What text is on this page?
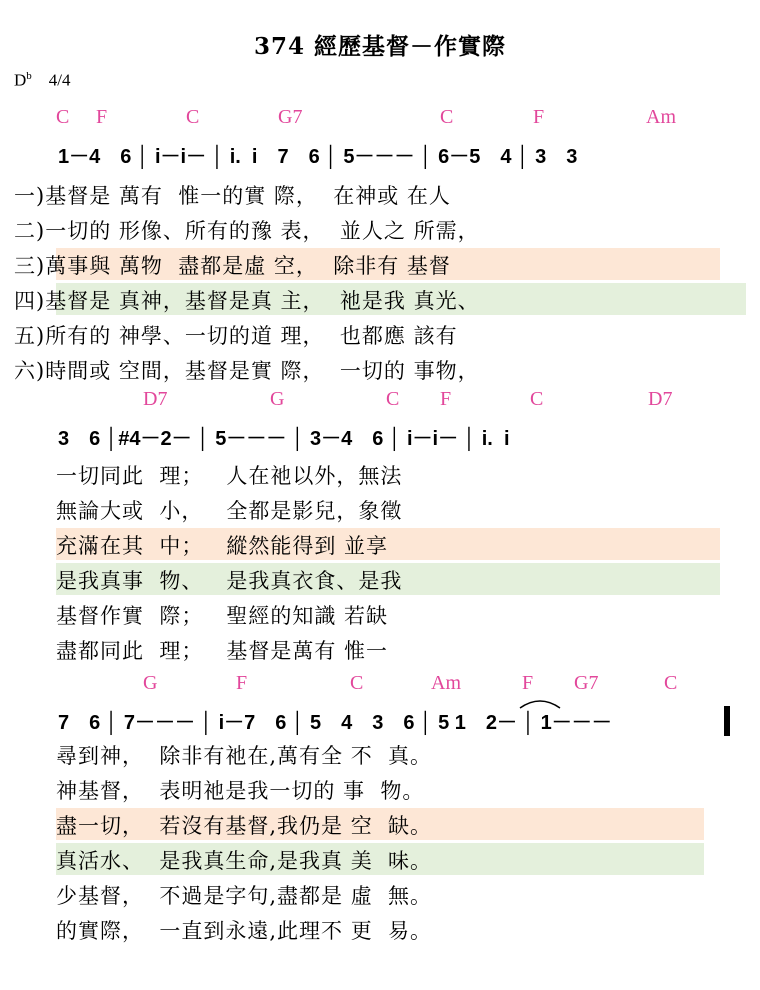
374 經歷基督－作實際
$D^b$ 4/4
C F	C	G7	C	F	Am
1－4　6 │ i－i－ │ i.  i　7　6 │ 5－－－ │ 6－5　4 │ 3　3
一)基督是 萬有  惟一的實 際，  在神或 在人
二)一切的 形像、所有的豫 表，  並人之 所需，
三)萬事與 萬物  盡都是虛 空，  除非有 基督
四)基督是 真神，基督是真 主，  祂是我 真光、
五)所有的 神學、一切的道 理，  也都應 該有
六)時間或 空間，基督是實 際，  一切的 事物，
D7	G	C F	C	D7
3　6 │#4－2－ │ 5－－－ │ 3－4　6 │ i－i－ │ i.  i
一切同此  理；   人在祂以外，無法
無論大或  小，   全都是影兒，象徵
充滿在其  中；   縱然能得到 並享
是我真事  物、   是我真衣食、是我
基督作實  際；   聖經的知識 若缺
盡都同此  理；   基督是萬有 惟一
G	F	C	Am	F G7	C
7　6 │ 7－－－ │ i－7　6 │ 5　4　3　6 │ 5 1　2－ │ 1－－－
尋到神，  除非有祂在,萬有全 不  真。
神基督，  表明祂是我一切的 事  物。
盡一切，  若沒有基督,我仍是 空  缺。
真活水、  是我真生命,是我真 美  味。
少基督，  不過是字句,盡都是 虛  無。
的實際，  一直到永遠,此理不 更  易。
